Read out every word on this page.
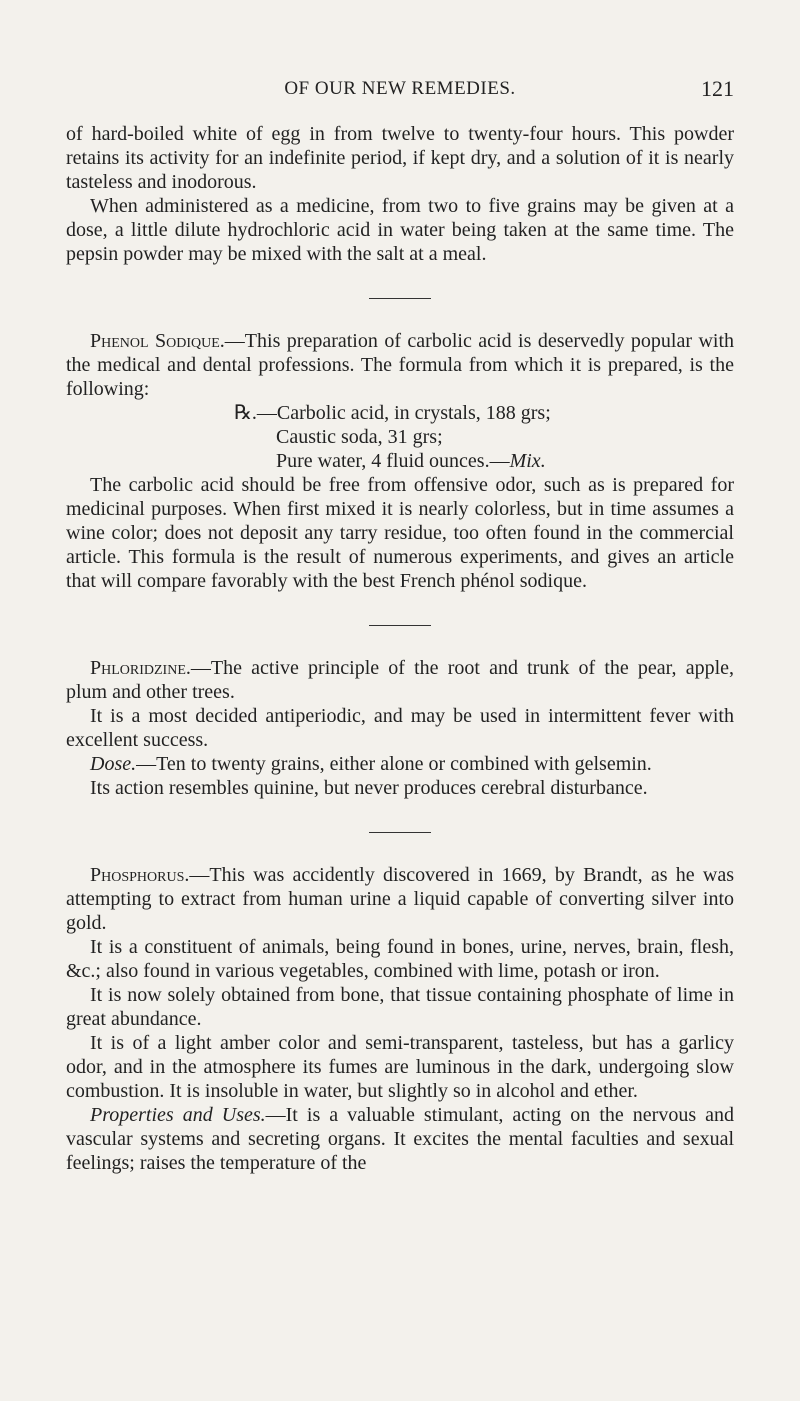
OF OUR NEW REMEDIES.	121

of hard-boiled white of egg in from twelve to twenty-four hours. This powder retains its activity for an indefinite period, if kept dry, and a solution of it is nearly tasteless and inodorous.

When administered as a medicine, from two to five grains may be given at a dose, a little dilute hydrochloric acid in water being taken at the same time. The pepsin powder may be mixed with the salt at a meal.

Phenol Sodique.—This preparation of carbolic acid is deservedly popular with the medical and dental professions. The formula from which it is prepared, is the following:

℞.—Carbolic acid, in crystals, 188 grs;
Caustic soda, 31 grs;
Pure water, 4 fluid ounces.—Mix.

The carbolic acid should be free from offensive odor, such as is prepared for medicinal purposes. When first mixed it is nearly colorless, but in time assumes a wine color; does not deposit any tarry residue, too often found in the commercial article. This formula is the result of numerous experiments, and gives an article that will compare favorably with the best French phénol sodique.

Phloridzine.—The active principle of the root and trunk of the pear, apple, plum and other trees.

It is a most decided antiperiodic, and may be used in intermittent fever with excellent success.

Dose.—Ten to twenty grains, either alone or combined with gelsemin.

Its action resembles quinine, but never produces cerebral disturbance.

Phosphorus.—This was accidently discovered in 1669, by Brandt, as he was attempting to extract from human urine a liquid capable of converting silver into gold.

It is a constituent of animals, being found in bones, urine, nerves, brain, flesh, &c.; also found in various vegetables, combined with lime, potash or iron.

It is now solely obtained from bone, that tissue containing phosphate of lime in great abundance.

It is of a light amber color and semi-transparent, tasteless, but has a garlicy odor, and in the atmosphere its fumes are luminous in the dark, undergoing slow combustion. It is insoluble in water, but slightly so in alcohol and ether.

Properties and Uses.—It is a valuable stimulant, acting on the nervous and vascular systems and secreting organs. It excites the mental faculties and sexual feelings; raises the temperature of the
